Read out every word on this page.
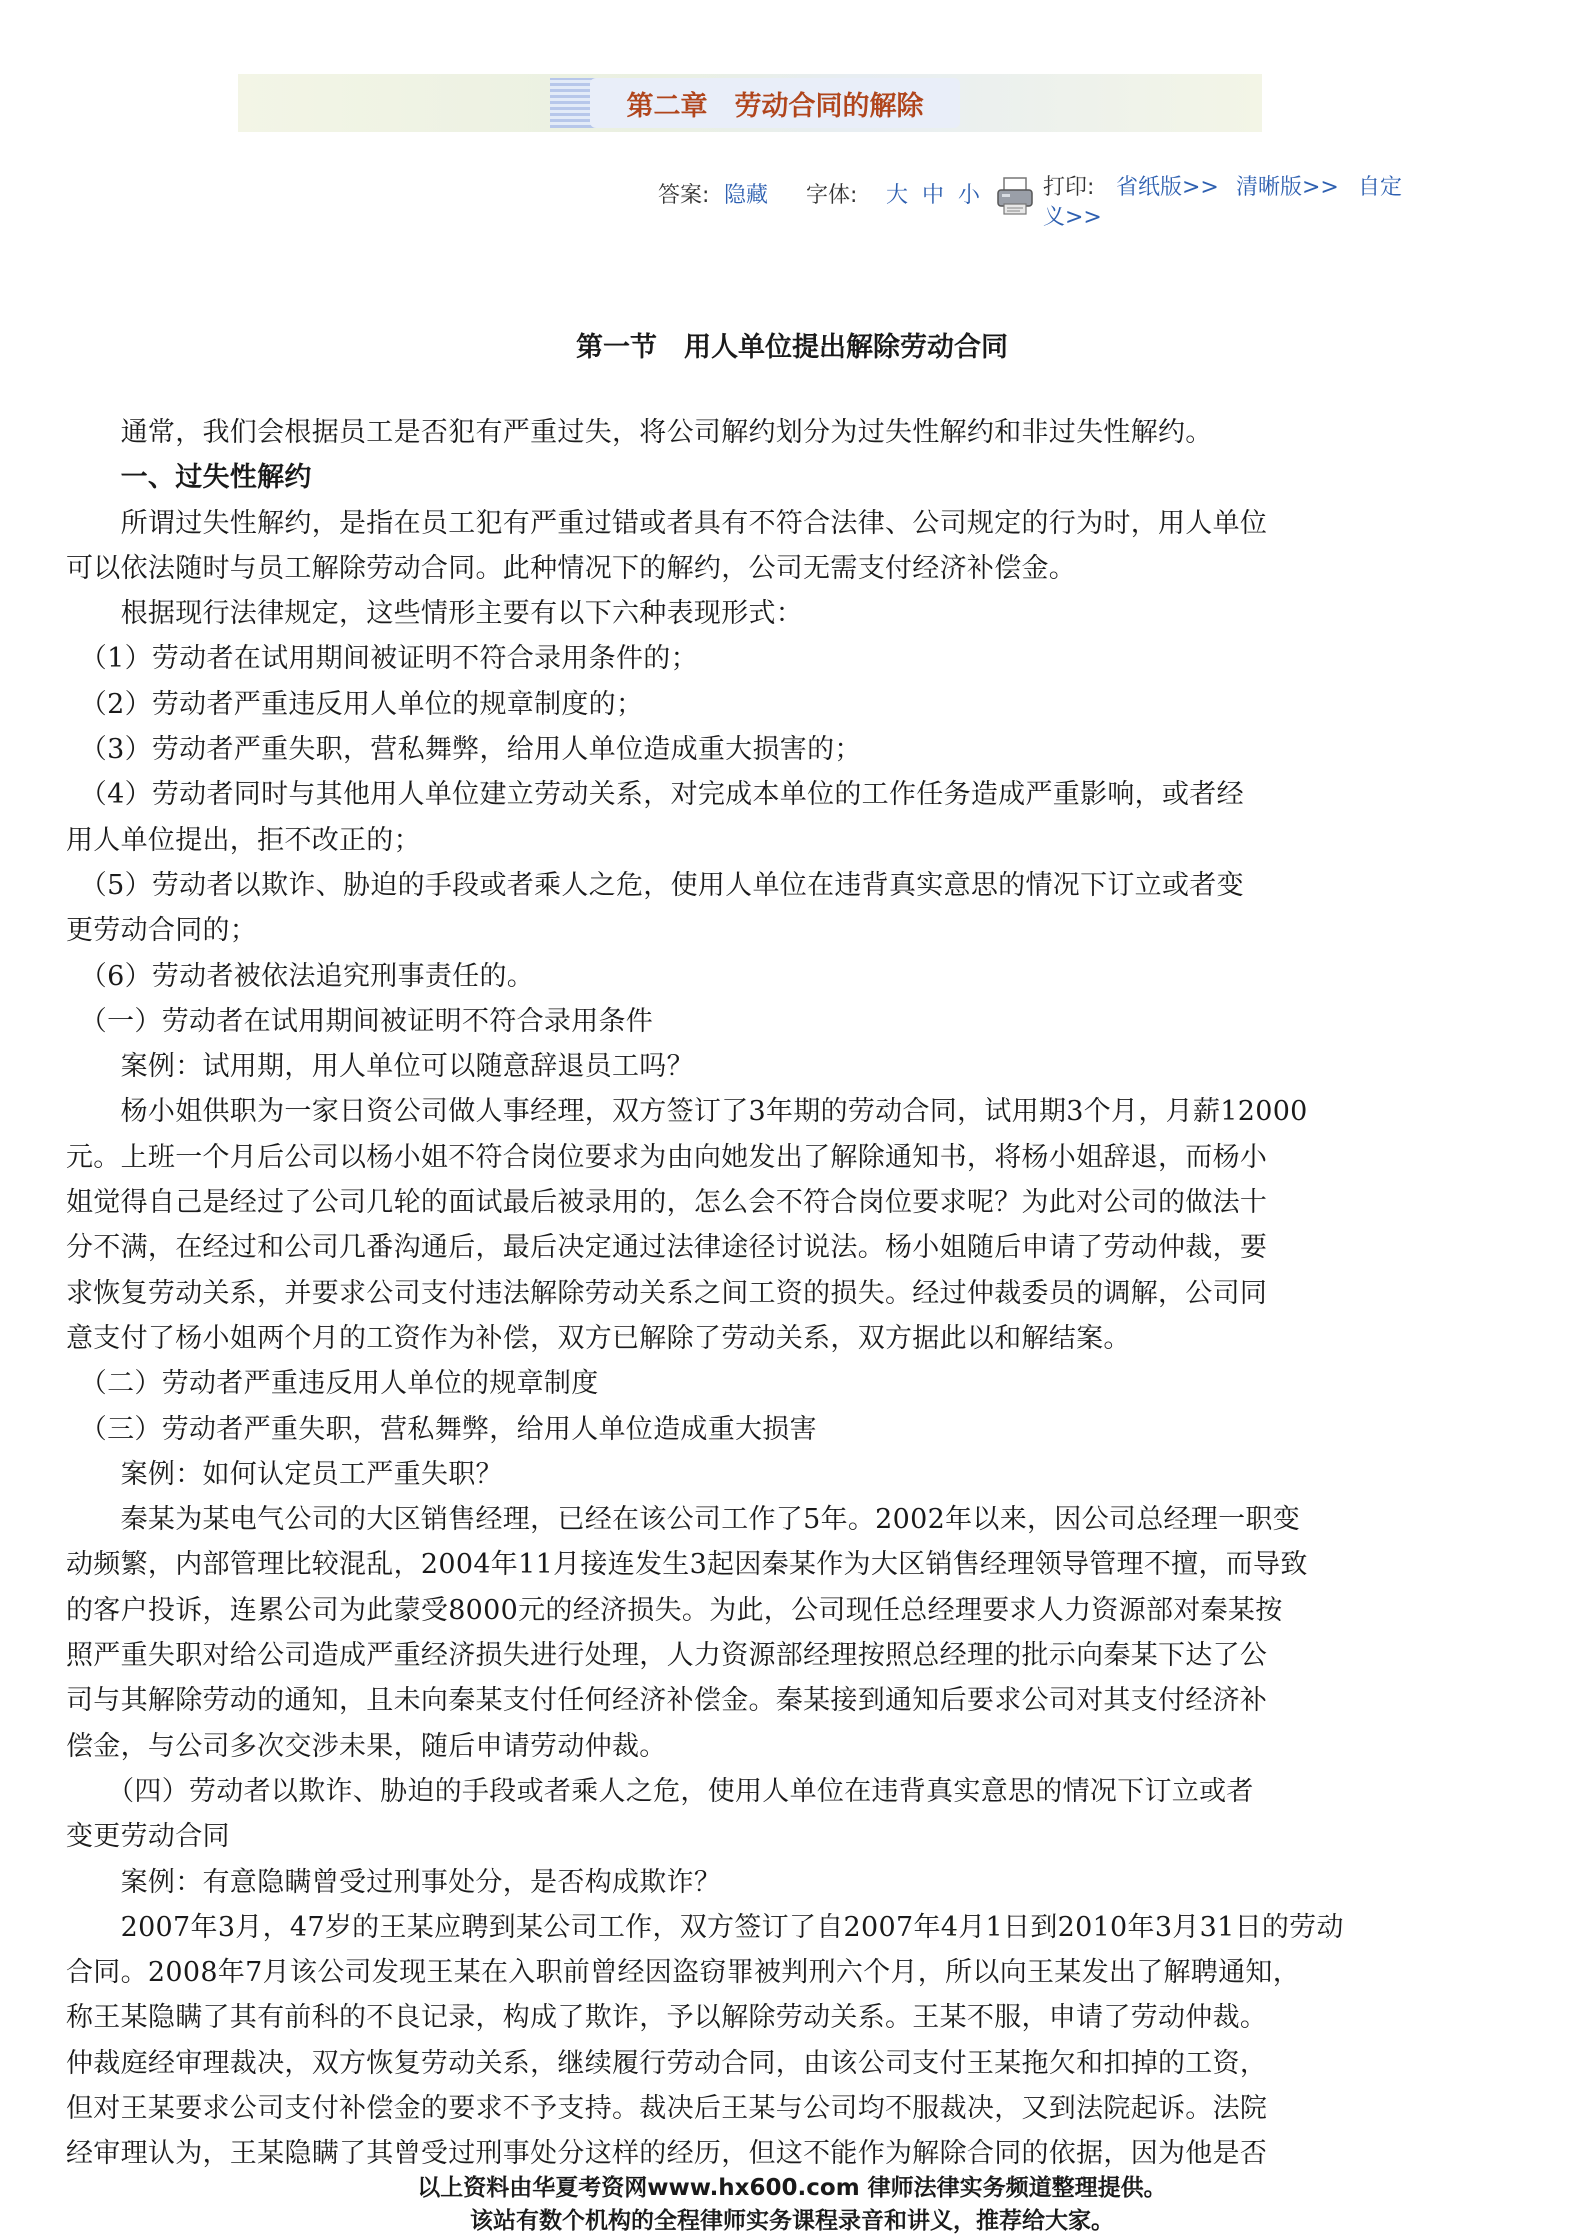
第二章　劳动合同的解除
答案: 隐藏 字体: 大 中 小	打印: 省纸版>> 清晰版>> 自定
义>>
第一节　用人单位提出解除劳动合同
　　通常，我们会根据员工是否犯有严重过失，将公司解约划分为过失性解约和非过失性解约。
　　一、过失性解约
　　所谓过失性解约，是指在员工犯有严重过错或者具有不符合法律、公司规定的行为时，用人单位
可以依法随时与员工解除劳动合同。此种情况下的解约，公司无需支付经济补偿金。
　　根据现行法律规定，这些情形主要有以下六种表现形式：
　（1）劳动者在试用期间被证明不符合录用条件的；
　（2）劳动者严重违反用人单位的规章制度的；
　（3）劳动者严重失职，营私舞弊，给用人单位造成重大损害的；
　（4）劳动者同时与其他用人单位建立劳动关系，对完成本单位的工作任务造成严重影响，或者经
用人单位提出，拒不改正的；
　（5）劳动者以欺诈、胁迫的手段或者乘人之危，使用人单位在违背真实意思的情况下订立或者变
更劳动合同的；
　（6）劳动者被依法追究刑事责任的。
　（一）劳动者在试用期间被证明不符合录用条件
　　案例：试用期，用人单位可以随意辞退员工吗？
　　杨小姐供职为一家日资公司做人事经理，双方签订了3年期的劳动合同，试用期3个月，月薪12000
元。上班一个月后公司以杨小姐不符合岗位要求为由向她发出了解除通知书，将杨小姐辞退，而杨小
姐觉得自己是经过了公司几轮的面试最后被录用的，怎么会不符合岗位要求呢？为此对公司的做法十
分不满，在经过和公司几番沟通后，最后决定通过法律途径讨说法。杨小姐随后申请了劳动仲裁，要
求恢复劳动关系，并要求公司支付违法解除劳动关系之间工资的损失。经过仲裁委员的调解，公司同
意支付了杨小姐两个月的工资作为补偿，双方已解除了劳动关系，双方据此以和解结案。
　（二）劳动者严重违反用人单位的规章制度
　（三）劳动者严重失职，营私舞弊，给用人单位造成重大损害
　　案例：如何认定员工严重失职？
　　秦某为某电气公司的大区销售经理，已经在该公司工作了5年。2002年以来，因公司总经理一职变
动频繁，内部管理比较混乱，2004年11月接连发生3起因秦某作为大区销售经理领导管理不擅，而导致
的客户投诉，连累公司为此蒙受8000元的经济损失。为此，公司现任总经理要求人力资源部对秦某按
照严重失职对给公司造成严重经济损失进行处理，人力资源部经理按照总经理的批示向秦某下达了公
司与其解除劳动的通知，且未向秦某支付任何经济补偿金。秦某接到通知后要求公司对其支付经济补
偿金，与公司多次交涉未果，随后申请劳动仲裁。
　　（四）劳动者以欺诈、胁迫的手段或者乘人之危，使用人单位在违背真实意思的情况下订立或者
变更劳动合同
　　案例：有意隐瞒曾受过刑事处分，是否构成欺诈？
　　2007年3月，47岁的王某应聘到某公司工作，双方签订了自2007年4月1日到2010年3月31日的劳动
合同。2008年7月该公司发现王某在入职前曾经因盗窃罪被判刑六个月，所以向王某发出了解聘通知，
称王某隐瞒了其有前科的不良记录，构成了欺诈，予以解除劳动关系。王某不服，申请了劳动仲裁。
仲裁庭经审理裁决，双方恢复劳动关系，继续履行劳动合同，由该公司支付王某拖欠和扣掉的工资，
但对王某要求公司支付补偿金的要求不予支持。裁决后王某与公司均不服裁决，又到法院起诉。法院
经审理认为，王某隐瞒了其曾受过刑事处分这样的经历，但这不能作为解除合同的依据，因为他是否
以上资料由华夏考资网www.hx600.com 律师法律实务频道整理提供。
该站有数个机构的全程律师实务课程录音和讲义，推荐给大家。
